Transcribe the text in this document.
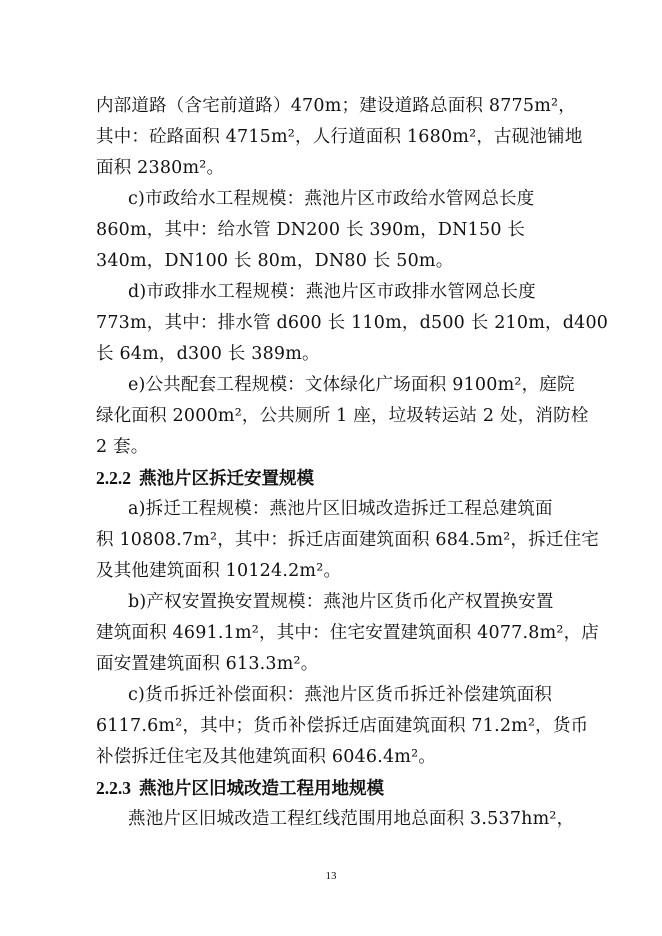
内部道路（含宅前道路）470m；建设道路总面积 8775m²，
其中：砼路面积 4715m²，人行道面积 1680m²，古砚池铺地
面积 2380m²。
c)市政给水工程规模：燕池片区市政给水管网总长度
860m，其中：给水管 DN200 长 390m，DN150 长
340m，DN100 长 80m，DN80 长 50m。
d)市政排水工程规模：燕池片区市政排水管网总长度
773m，其中：排水管 d600 长 110m，d500 长 210m，d400
长 64m，d300 长 389m。
e)公共配套工程规模：文体绿化广场面积 9100m²，庭院
绿化面积 2000m²，公共厕所 1 座，垃圾转运站 2 处，消防栓
2 套。
2.2.2 燕池片区拆迁安置规模
a)拆迁工程规模：燕池片区旧城改造拆迁工程总建筑面
积 10808.7m²，其中：拆迁店面建筑面积 684.5m²，拆迁住宅
及其他建筑面积 10124.2m²。
b)产权安置换安置规模：燕池片区货币化产权置换安置
建筑面积 4691.1m²，其中：住宅安置建筑面积 4077.8m²，店
面安置建筑面积 613.3m²。
c)货币拆迁补偿面积：燕池片区货币拆迁补偿建筑面积
6117.6m²，其中；货币补偿拆迁店面建筑面积 71.2m²，货币
补偿拆迁住宅及其他建筑面积 6046.4m²。
2.2.3 燕池片区旧城改造工程用地规模
燕池片区旧城改造工程红线范围用地总面积 3.537hm²，
13
